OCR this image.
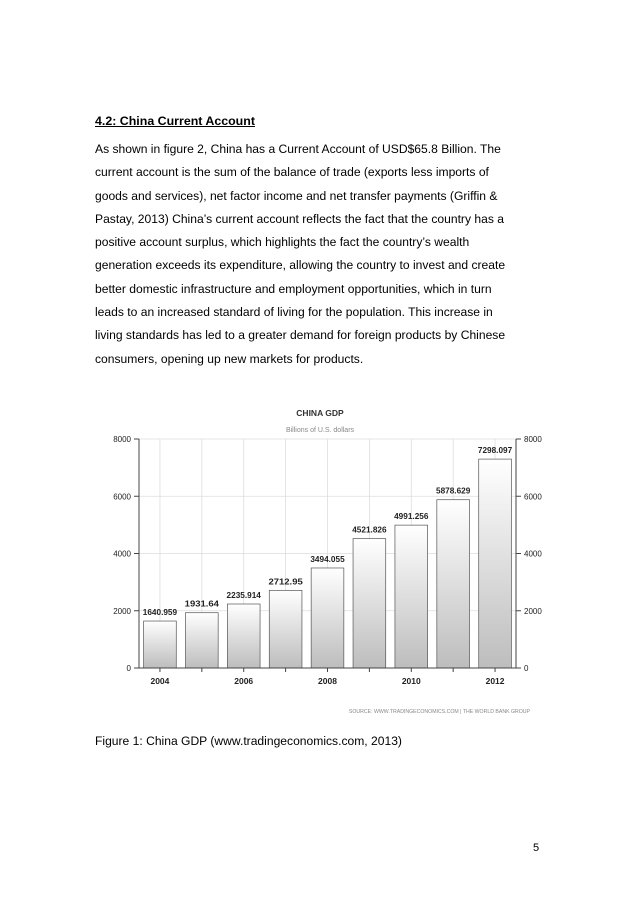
4.2: China Current Account
As shown in figure 2, China has a Current Account of USD$65.8 Billion. The
current account is the sum of the balance of trade (exports less imports of
goods and services), net factor income and net transfer payments (Griffin &
Pastay, 2013) China’s current account reflects the fact that the country has a
positive account surplus, which highlights the fact the country’s wealth
generation exceeds its expenditure, allowing the country to invest and create
better domestic infrastructure and employment opportunities, which in turn
leads to an increased standard of living for the population. This increase in
living standards has led to a greater demand for foreign products by Chinese
consumers, opening up new markets for products.
CHINA GDP
Billions of U.S. dollars
1640.959
1931.64
2235.914
2712.95
3494.055
4521.826
4991.256
5878.629
7298.097
0	0
2000	2000
4000	4000
6000	6000
8000	8000
2004	2006	2008	2010	2012
SOURCE: WWW.TRADINGECONOMICS.COM | THE WORLD BANK GROUP
Figure 1: China GDP (www.tradingeconomics.com, 2013)
5
